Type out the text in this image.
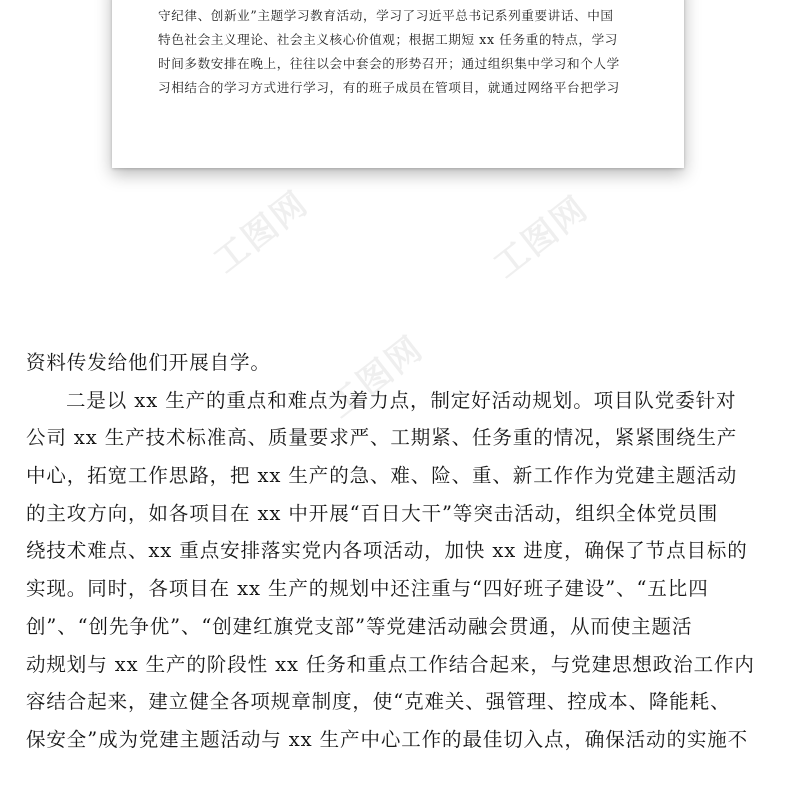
工图网	工图网
工图网
守纪律、创新业”主题学习教育活动，学习了习近平总书记系列重要讲话、中国
特色社会主义理论、社会主义核心价值观；根据工期短 xx 任务重的特点，学习
时间多数安排在晚上，往往以会中套会的形势召开；通过组织集中学习和个人学
习相结合的学习方式进行学习，有的班子成员在管项目，就通过网络平台把学习
资料传发给他们开展自学。
二是以 xx 生产的重点和难点为着力点，制定好活动规划。项目队党委针对
公司 xx 生产技术标准高、质量要求严、工期紧、任务重的情况，紧紧围绕生产
中心，拓宽工作思路，把 xx 生产的急、难、险、重、新工作作为党建主题活动
的主攻方向，如各项目在 xx 中开展“百日大干”等突击活动，组织全体党员围
绕技术难点、xx 重点安排落实党内各项活动，加快 xx 进度，确保了节点目标的
实现。同时，各项目在 xx 生产的规划中还注重与“四好班子建设”、“五比四
创”、“创先争优”、“创建红旗党支部”等党建活动融会贯通，从而使主题活
动规划与 xx 生产的阶段性 xx 任务和重点工作结合起来，与党建思想政治工作内
容结合起来，建立健全各项规章制度，使“克难关、强管理、控成本、降能耗、
保安全”成为党建主题活动与 xx 生产中心工作的最佳切入点，确保活动的实施不
